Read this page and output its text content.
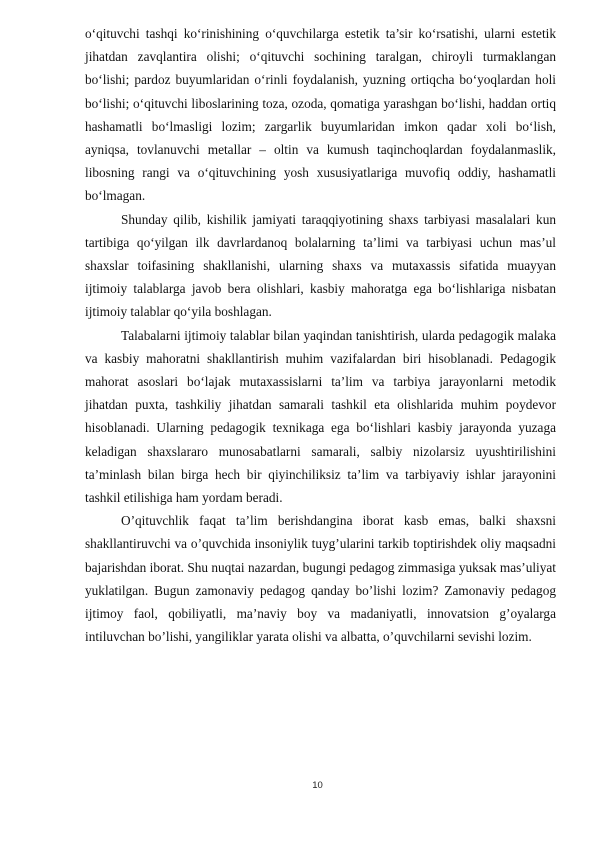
o‘qituvchi tashqi ko‘rinishining o‘quvchilarga estetik ta’sir ko‘rsatishi, ularni estetik jihatdan zavqlantira olishi; o‘qituvchi sochining taralgan, chiroyli turmaklangan bo‘lishi; pardoz buyumlaridan o‘rinli foydalanish, yuzning ortiqcha bo‘yoqlardan holi bo‘lishi; o‘qituvchi liboslarining toza, ozoda, qomatiga yarashgan bo‘lishi, haddan ortiq hashamatli bo‘lmasligi lozim; zargarlik buyumlaridan imkon qadar xoli bo‘lish, ayniqsa, tovlanuvchi metallar – oltin va kumush taqinchoqlardan foydalanmaslik, libosning rangi va o‘qituvchining yosh xususiyatlariga muvofiq oddiy, hashamatli bo‘lmagan.

Shunday qilib, kishilik jamiyati taraqqiyotining shaxs tarbiyasi masalalari kun tartibiga qo‘yilgan ilk davrlardanoq bolalarning ta’limi va tarbiyasi uchun mas’ul shaxslar toifasining shakllanishi, ularning shaxs va mutaxassis sifatida muayyan ijtimoiy talablarga javob bera olishlari, kasbiy mahoratga ega bo‘lishlariga nisbatan ijtimoiy talablar qo‘yila boshlagan.

Talabalarni ijtimoiy talablar bilan yaqindan tanishtirish, ularda pedagogik malaka va kasbiy mahoratni shakllantirish muhim vazifalardan biri hisoblanadi. Pedagogik mahorat asoslari bo‘lajak mutaxassislarni ta’lim va tarbiya jarayonlarni metodik jihatdan puxta, tashkiliy jihatdan samarali tashkil eta olishlarida muhim poydevor hisoblanadi. Ularning pedagogik texnikaga ega bo‘lishlari kasbiy jarayonda yuzaga keladigan shaxslararo munosabatlarni samarali, salbiy nizolarsiz uyushtirilishini ta’minlash bilan birga hech bir qiyinchiliksiz ta’lim va tarbiyaviy ishlar jarayonini tashkil etilishiga ham yordam beradi.

O’qituvchlik faqat ta’lim berishdangina iborat kasb emas, balki shaxsni shakllantiruvchi va o’quvchida insoniylik tuyg’ularini tarkib toptirishdek oliy maqsadni bajarishdan iborat. Shu nuqtai nazardan, bugungi pedagog zimmasiga yuksak mas’uliyat yuklatilgan. Bugun zamonaviy pedagog qanday bo’lishi lozim? Zamonaviy pedagog ijtimoy faol, qobiliyatli, ma’naviy boy va madaniyatli, innovatsion g’oyalarga intiluvchan bo’lishi, yangiliklar yarata olishi va albatta, o’quvchilarni sevishi lozim.

10
